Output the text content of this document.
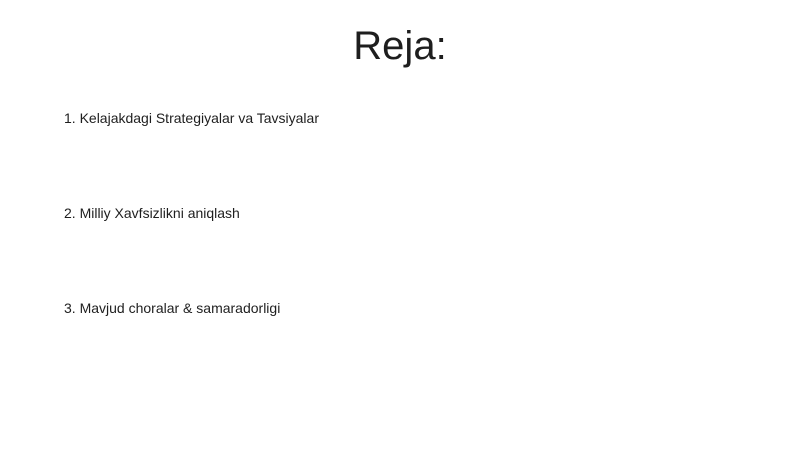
Reja:
1. Kelajakdagi Strategiyalar va Tavsiyalar
2. Milliy Xavfsizlikni aniqlash
3. Mavjud choralar & samaradorligi
